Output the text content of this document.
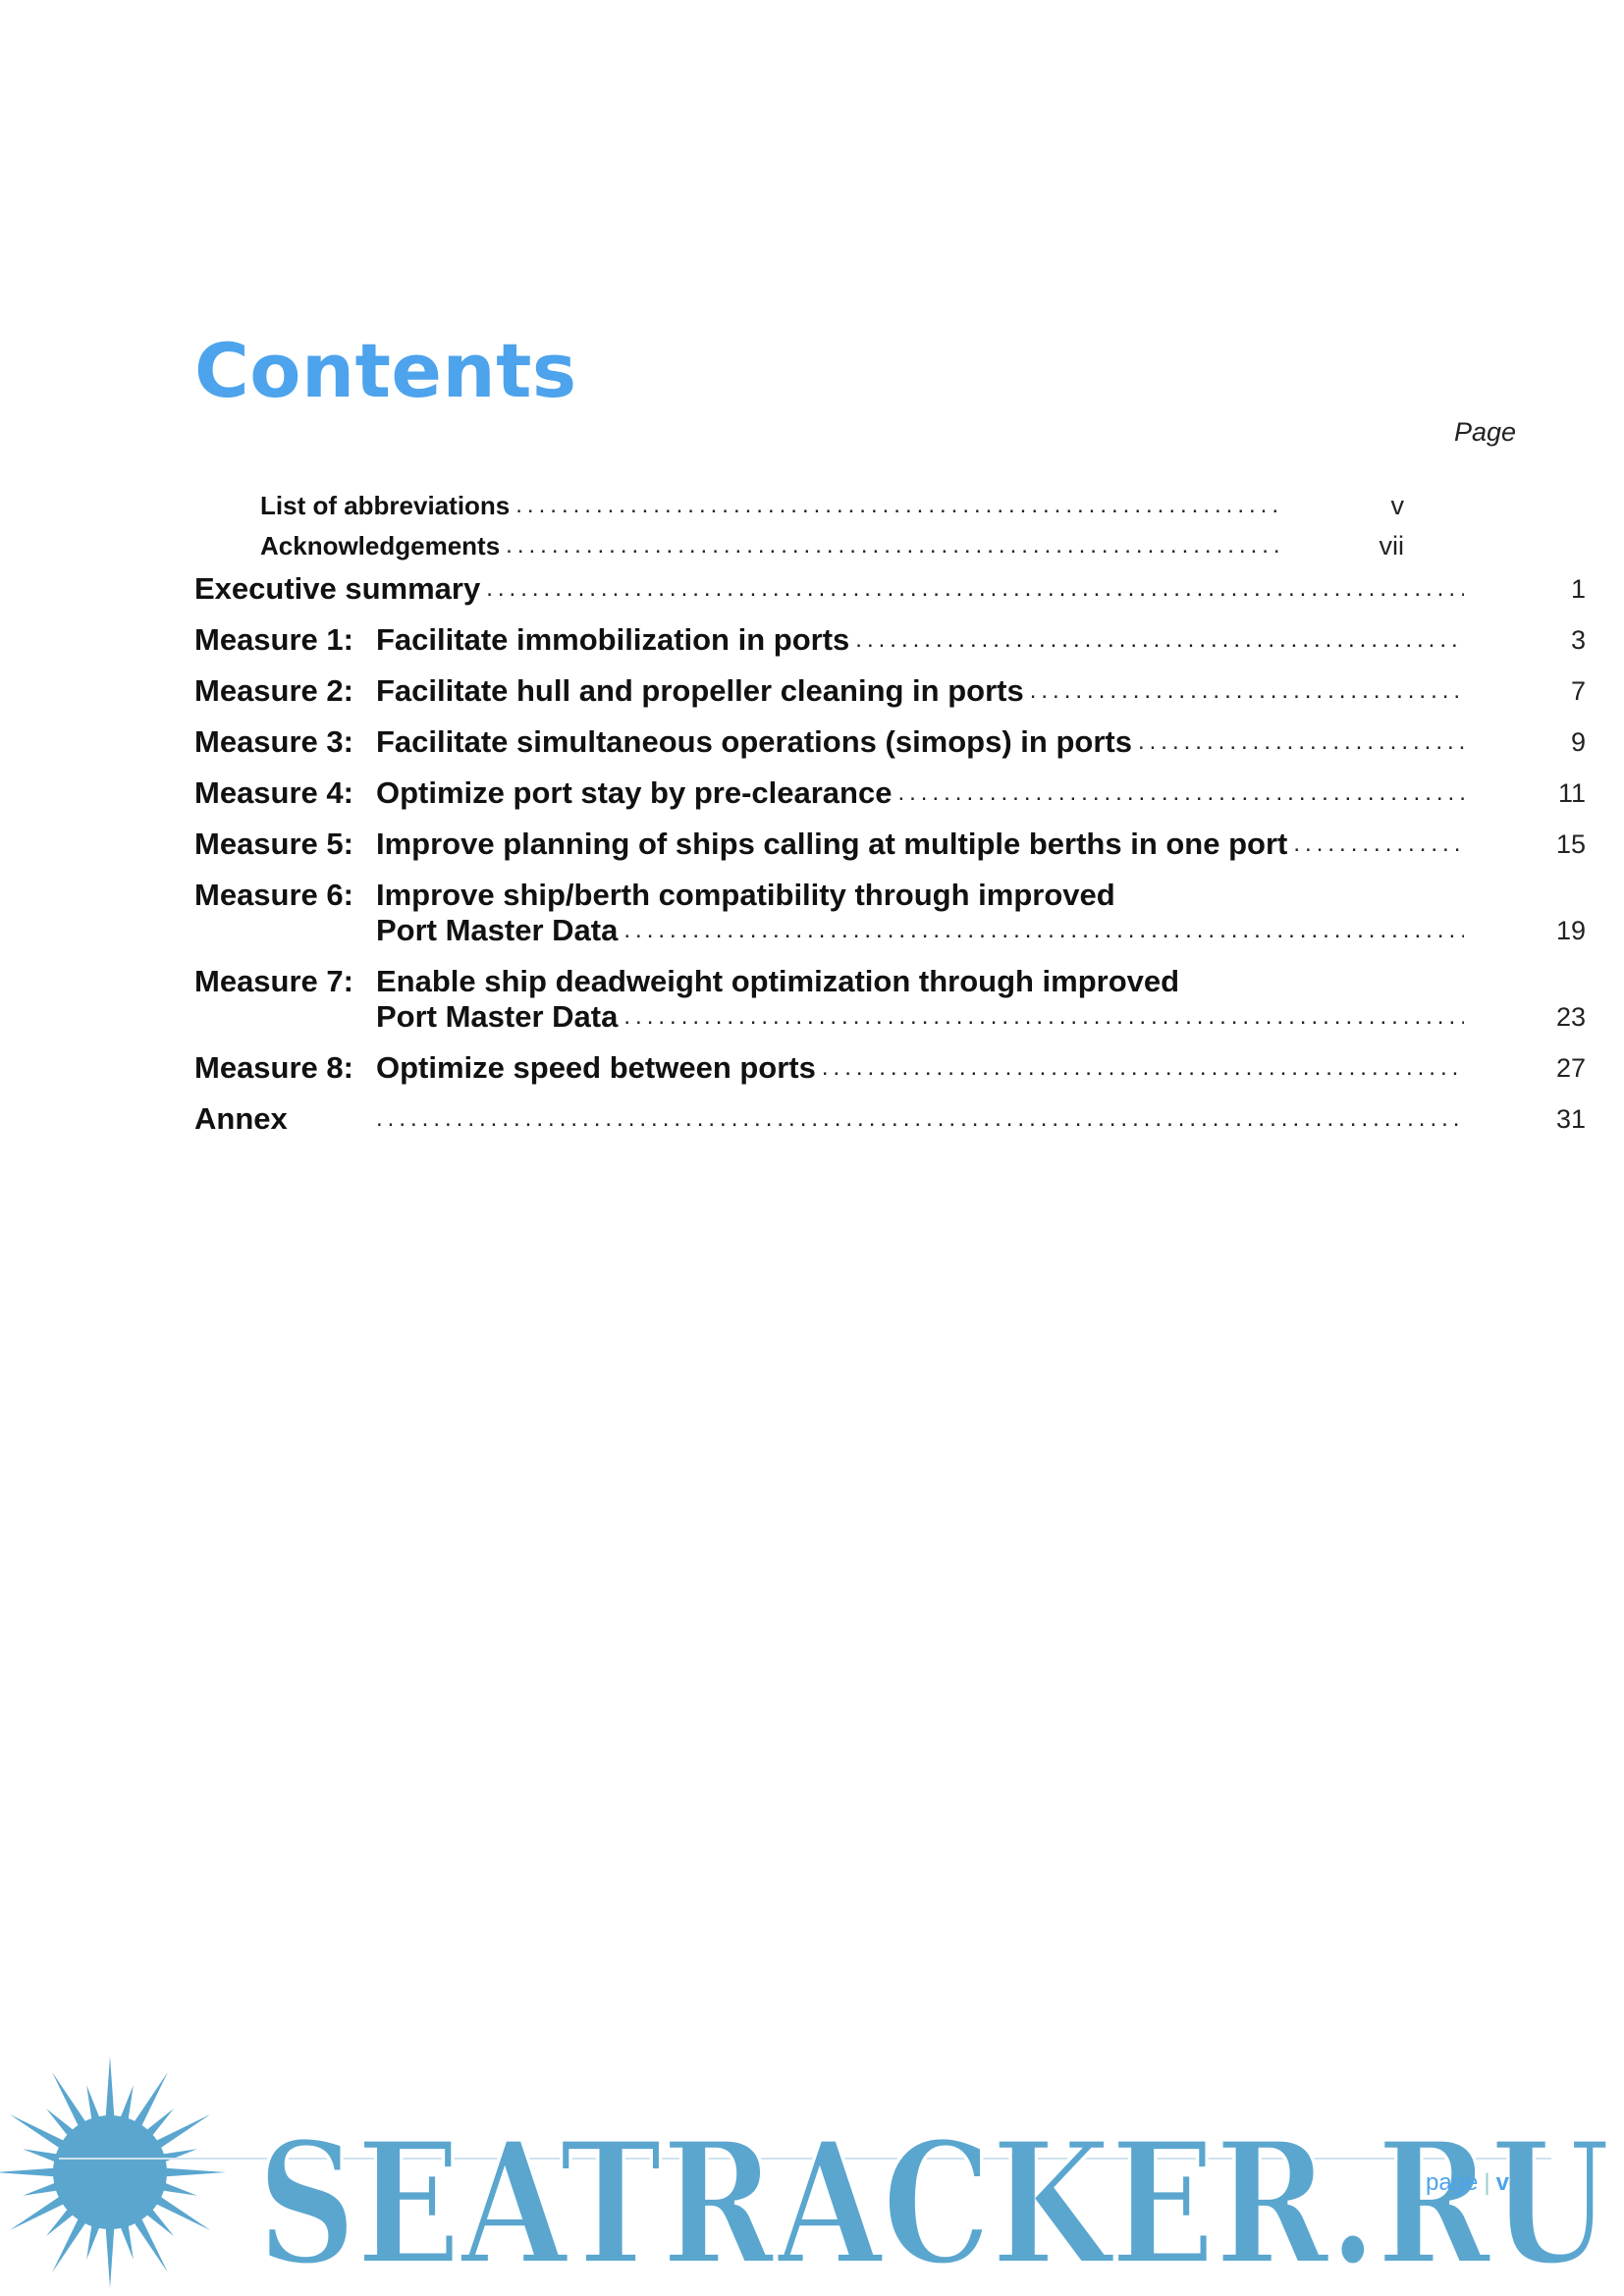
Contents
Page
List of abbreviations .....	v
Acknowledgements .....	vii
Executive summary .....	1
Measure 1: Facilitate immobilization in ports .....	3
Measure 2: Facilitate hull and propeller cleaning in ports .....	7
Measure 3: Facilitate simultaneous operations (simops) in ports .....	9
Measure 4: Optimize port stay by pre-clearance .....	11
Measure 5: Improve planning of ships calling at multiple berths in one port .....	15
Measure 6: Improve ship/berth compatibility through improved
Port Master Data .....	19
Measure 7: Enable ship deadweight optimization through improved
Port Master Data .....	23
Measure 8: Optimize speed between ports .....	27
Annex .....	31
SEATRACKER.RU
page | v
